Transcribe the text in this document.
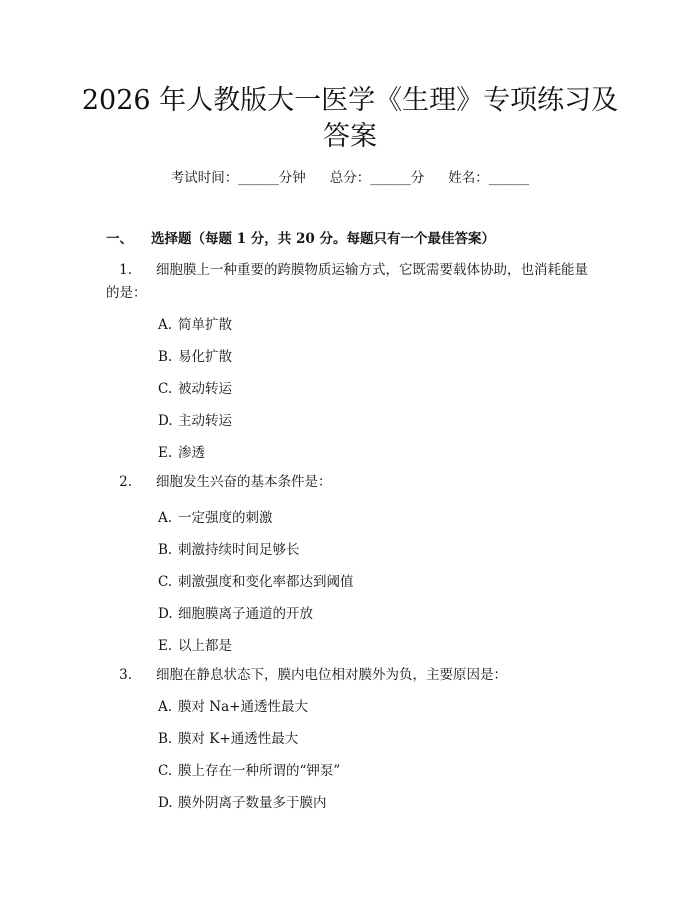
2026 年人教版大一医学《生理》专项练习及
答案
考试时间：______分钟 总分：______分 姓名：______
一、 选择题（每题 1 分，共 20 分。每题只有一个最佳答案）
1. 细胞膜上一种重要的跨膜物质运输方式，它既需要载体协助，也消耗能量
的是：
A. 简单扩散
B. 易化扩散
C. 被动转运
D. 主动转运
E. 渗透
2. 细胞发生兴奋的基本条件是：
A. 一定强度的刺激
B. 刺激持续时间足够长
C. 刺激强度和变化率都达到阈值
D. 细胞膜离子通道的开放
E. 以上都是
3. 细胞在静息状态下，膜内电位相对膜外为负，主要原因是：
A. 膜对 Na+通透性最大
B. 膜对 K+通透性最大
C. 膜上存在一种所谓的“钾泵”
D. 膜外阴离子数量多于膜内
